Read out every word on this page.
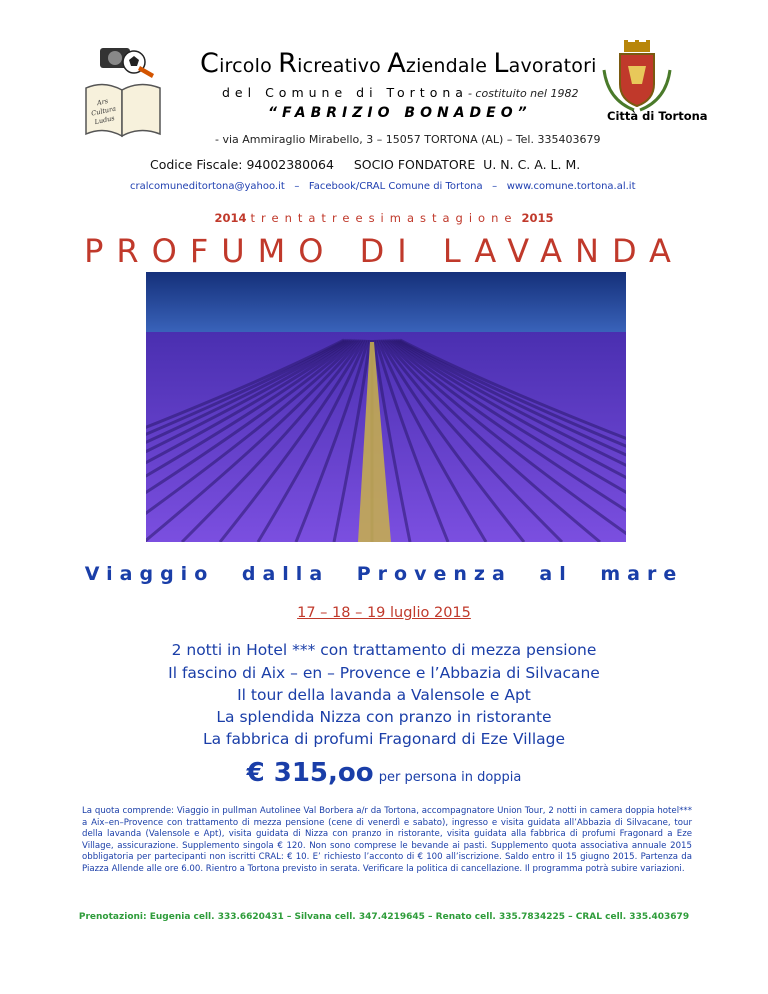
Ars
Cultura
Ludus
Circolo Ricreativo Aziendale Lavoratori
del Comune di Tortona- costituito nel 1982
“FABRIZIO BONADEO”	Città di Tortona
- via Ammiraglio Mirabello, 3 – 15057 TORTONA (AL) – Tel. 335403679
Codice Fiscale: 94002380064     SOCIO FONDATORE  U. N. C. A. L. M.
cralcomuneditortona@yahoo.it   –   Facebook/CRAL Comune di Tortona   –   www.comune.tortona.al.it
2014 trentatreesimastagione 2015
PROFUMO DI LAVANDA
Viaggio dalla Provenza al mare
17 – 18 – 19 luglio 2015
2 notti in Hotel *** con trattamento di mezza pensione
Il fascino di Aix – en – Provence e l’Abbazia di Silvacane
Il tour della lavanda a Valensole e Apt
La splendida Nizza con pranzo in ristorante
La fabbrica di profumi Fragonard di Eze Village
€ 315,oo per persona in doppia
La quota comprende: Viaggio in pullman Autolinee Val Borbera a/r da Tortona, accompagnatore Union Tour, 2 notti in camera doppia hotel*** a Aix–en–Provence con trattamento di mezza pensione (cene di venerdì e sabato), ingresso e visita guidata all’Abbazia di Silvacane, tour della lavanda (Valensole e Apt), visita guidata di Nizza con pranzo in ristorante, visita guidata alla fabbrica di profumi Fragonard a Eze Village, assicurazione. Supplemento singola € 120. Non sono comprese le bevande ai pasti. Supplemento quota associativa annuale 2015 obbligatoria per partecipanti non iscritti CRAL: € 10. E’ richiesto l’acconto di € 100 all’iscrizione. Saldo entro il 15 giugno 2015. Partenza da Piazza Allende alle ore 6.00. Rientro a Tortona previsto in serata. Verificare la politica di cancellazione. Il programma potrà subire variazioni.
Prenotazioni: Eugenia cell. 333.6620431 – Silvana cell. 347.4219645 – Renato cell. 335.7834225 – CRAL cell. 335.403679
